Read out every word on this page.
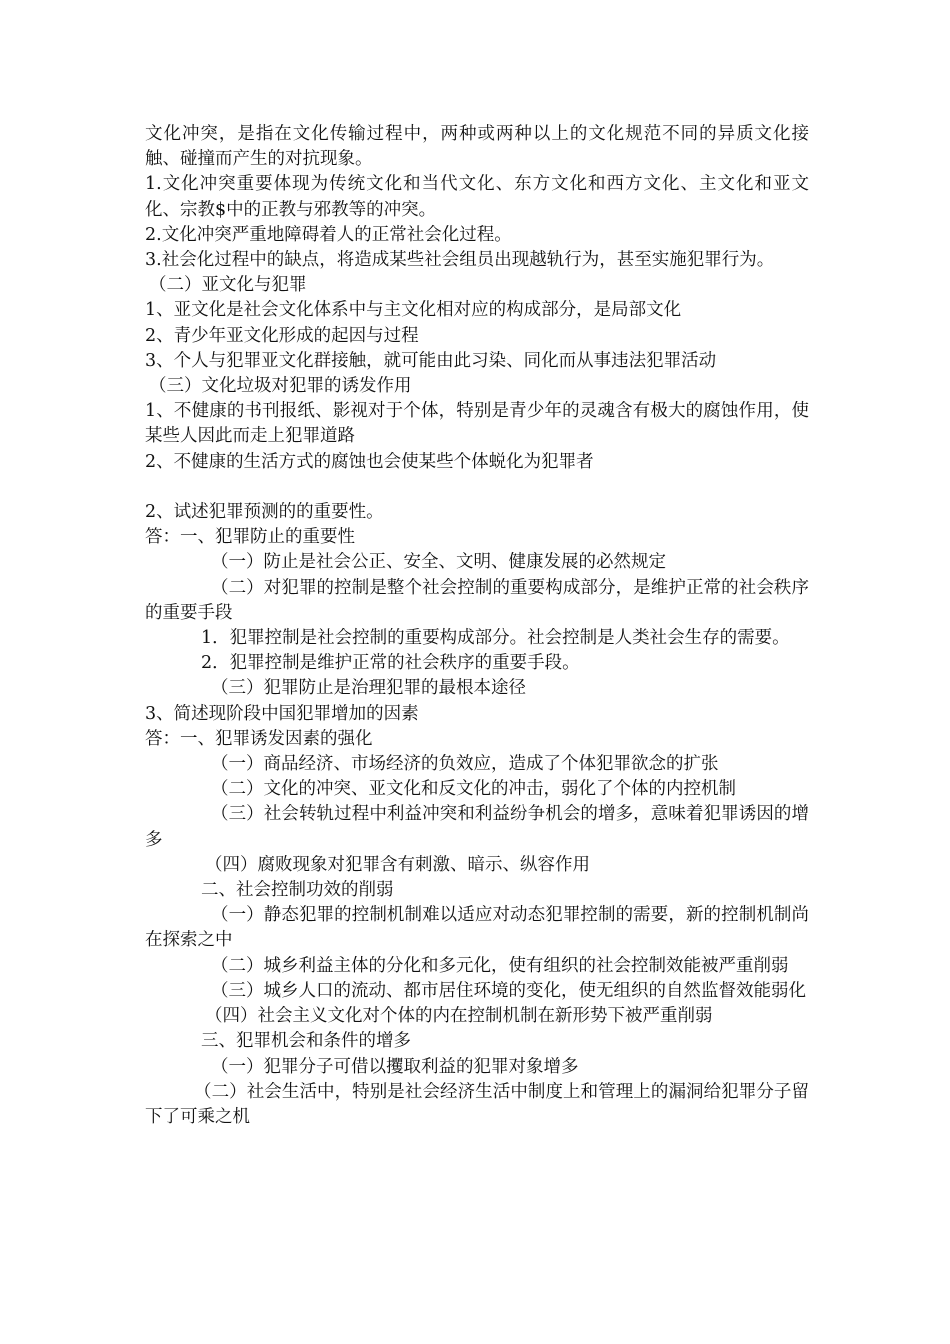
文化冲突，是指在文化传输过程中，两种或两种以上的文化规范不同的异质文化接触、碰撞而产生的对抗现象。

1.文化冲突重要体现为传统文化和当代文化、东方文化和西方文化、主文化和亚文化、宗教$中的正教与邪教等的冲突。

2.文化冲突严重地障碍着人的正常社会化过程。

3.社会化过程中的缺点，将造成某些社会组员出现越轨行为，甚至实施犯罪行为。

（二）亚文化与犯罪

1、亚文化是社会文化体系中与主文化相对应的构成部分，是局部文化

2、青少年亚文化形成的起因与过程

3、个人与犯罪亚文化群接触，就可能由此习染、同化而从事违法犯罪活动

（三）文化垃圾对犯罪的诱发作用

1、不健康的书刊报纸、影视对于个体，特别是青少年的灵魂含有极大的腐蚀作用，使某些人因此而走上犯罪道路

2、不健康的生活方式的腐蚀也会使某些个体蜕化为犯罪者

2、试述犯罪预测的的重要性。

答：一、犯罪防止的重要性

（一）防止是社会公正、安全、文明、健康发展的必然规定

（二）对犯罪的控制是整个社会控制的重要构成部分，是维护正常的社会秩序的重要手段

1．犯罪控制是社会控制的重要构成部分。社会控制是人类社会生存的需要。

2．犯罪控制是维护正常的社会秩序的重要手段。

（三）犯罪防止是治理犯罪的最根本途径

3、简述现阶段中国犯罪增加的因素

答：一、犯罪诱发因素的强化

（一）商品经济、市场经济的负效应，造成了个体犯罪欲念的扩张

（二）文化的冲突、亚文化和反文化的冲击，弱化了个体的内控机制

（三）社会转轨过程中利益冲突和利益纷争机会的增多，意味着犯罪诱因的增多

（四）腐败现象对犯罪含有刺激、暗示、纵容作用

二、社会控制功效的削弱

（一）静态犯罪的控制机制难以适应对动态犯罪控制的需要，新的控制机制尚在探索之中

（二）城乡利益主体的分化和多元化，使有组织的社会控制效能被严重削弱

（三）城乡人口的流动、都市居住环境的变化，使无组织的自然监督效能弱化

（四）社会主义文化对个体的内在控制机制在新形势下被严重削弱

三、犯罪机会和条件的增多

（一）犯罪分子可借以攫取利益的犯罪对象增多

（二）社会生活中，特别是社会经济生活中制度上和管理上的漏洞给犯罪分子留下了可乘之机
